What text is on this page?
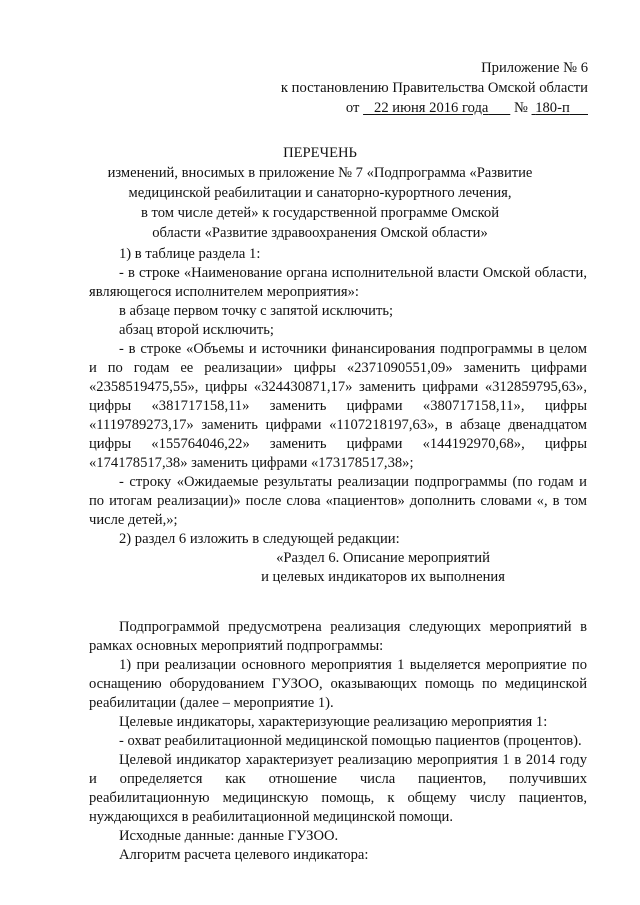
Приложение № 6
к постановлению Правительства Омской области
от 22 июня 2016 года № 180-п
ПЕРЕЧЕНЬ
изменений, вносимых в приложение № 7 «Подпрограмма «Развитие
медицинской реабилитации и санаторно-курортного лечения,
в том числе детей» к государственной программе Омской
области «Развитие здравоохранения Омской области»

1) в таблице раздела 1:

- в строке «Наименование органа исполнительной власти Омской области, являющегося исполнителем мероприятия»:

в абзаце первом точку с запятой исключить;

абзац второй исключить;

- в строке «Объемы и источники финансирования подпрограммы в целом и по годам ее реализации» цифры «2371090551,09» заменить цифрами «2358519475,55», цифры «324430871,17» заменить цифрами «312859795,63», цифры «381717158,11» заменить цифрами «380717158,11», цифры «1119789273,17» заменить цифрами «1107218197,63», в абзаце двенадцатом цифры «155764046,22» заменить цифрами «144192970,68», цифры «174178517,38» заменить цифрами «173178517,38»;

- строку «Ожидаемые результаты реализации подпрограммы (по годам и по итогам реализации)» после слова «пациентов» дополнить словами «, в том числе детей,»;

2) раздел 6 изложить в следующей редакции:

«Раздел 6. Описание мероприятий

и целевых индикаторов их выполнения

Подпрограммой предусмотрена реализация следующих мероприятий в рамках основных мероприятий подпрограммы:

1) при реализации основного мероприятия 1 выделяется мероприятие по оснащению оборудованием ГУЗОО, оказывающих помощь по медицинской реабилитации (далее – мероприятие 1).

Целевые индикаторы, характеризующие реализацию мероприятия 1:

- охват реабилитационной медицинской помощью пациентов (процентов).

Целевой индикатор характеризует реализацию мероприятия 1 в 2014 году и определяется как отношение числа пациентов, получивших реабилитационную медицинскую помощь, к общему числу пациентов, нуждающихся в реабилитационной медицинской помощи.

Исходные данные: данные ГУЗОО.

Алгоритм расчета целевого индикатора:
